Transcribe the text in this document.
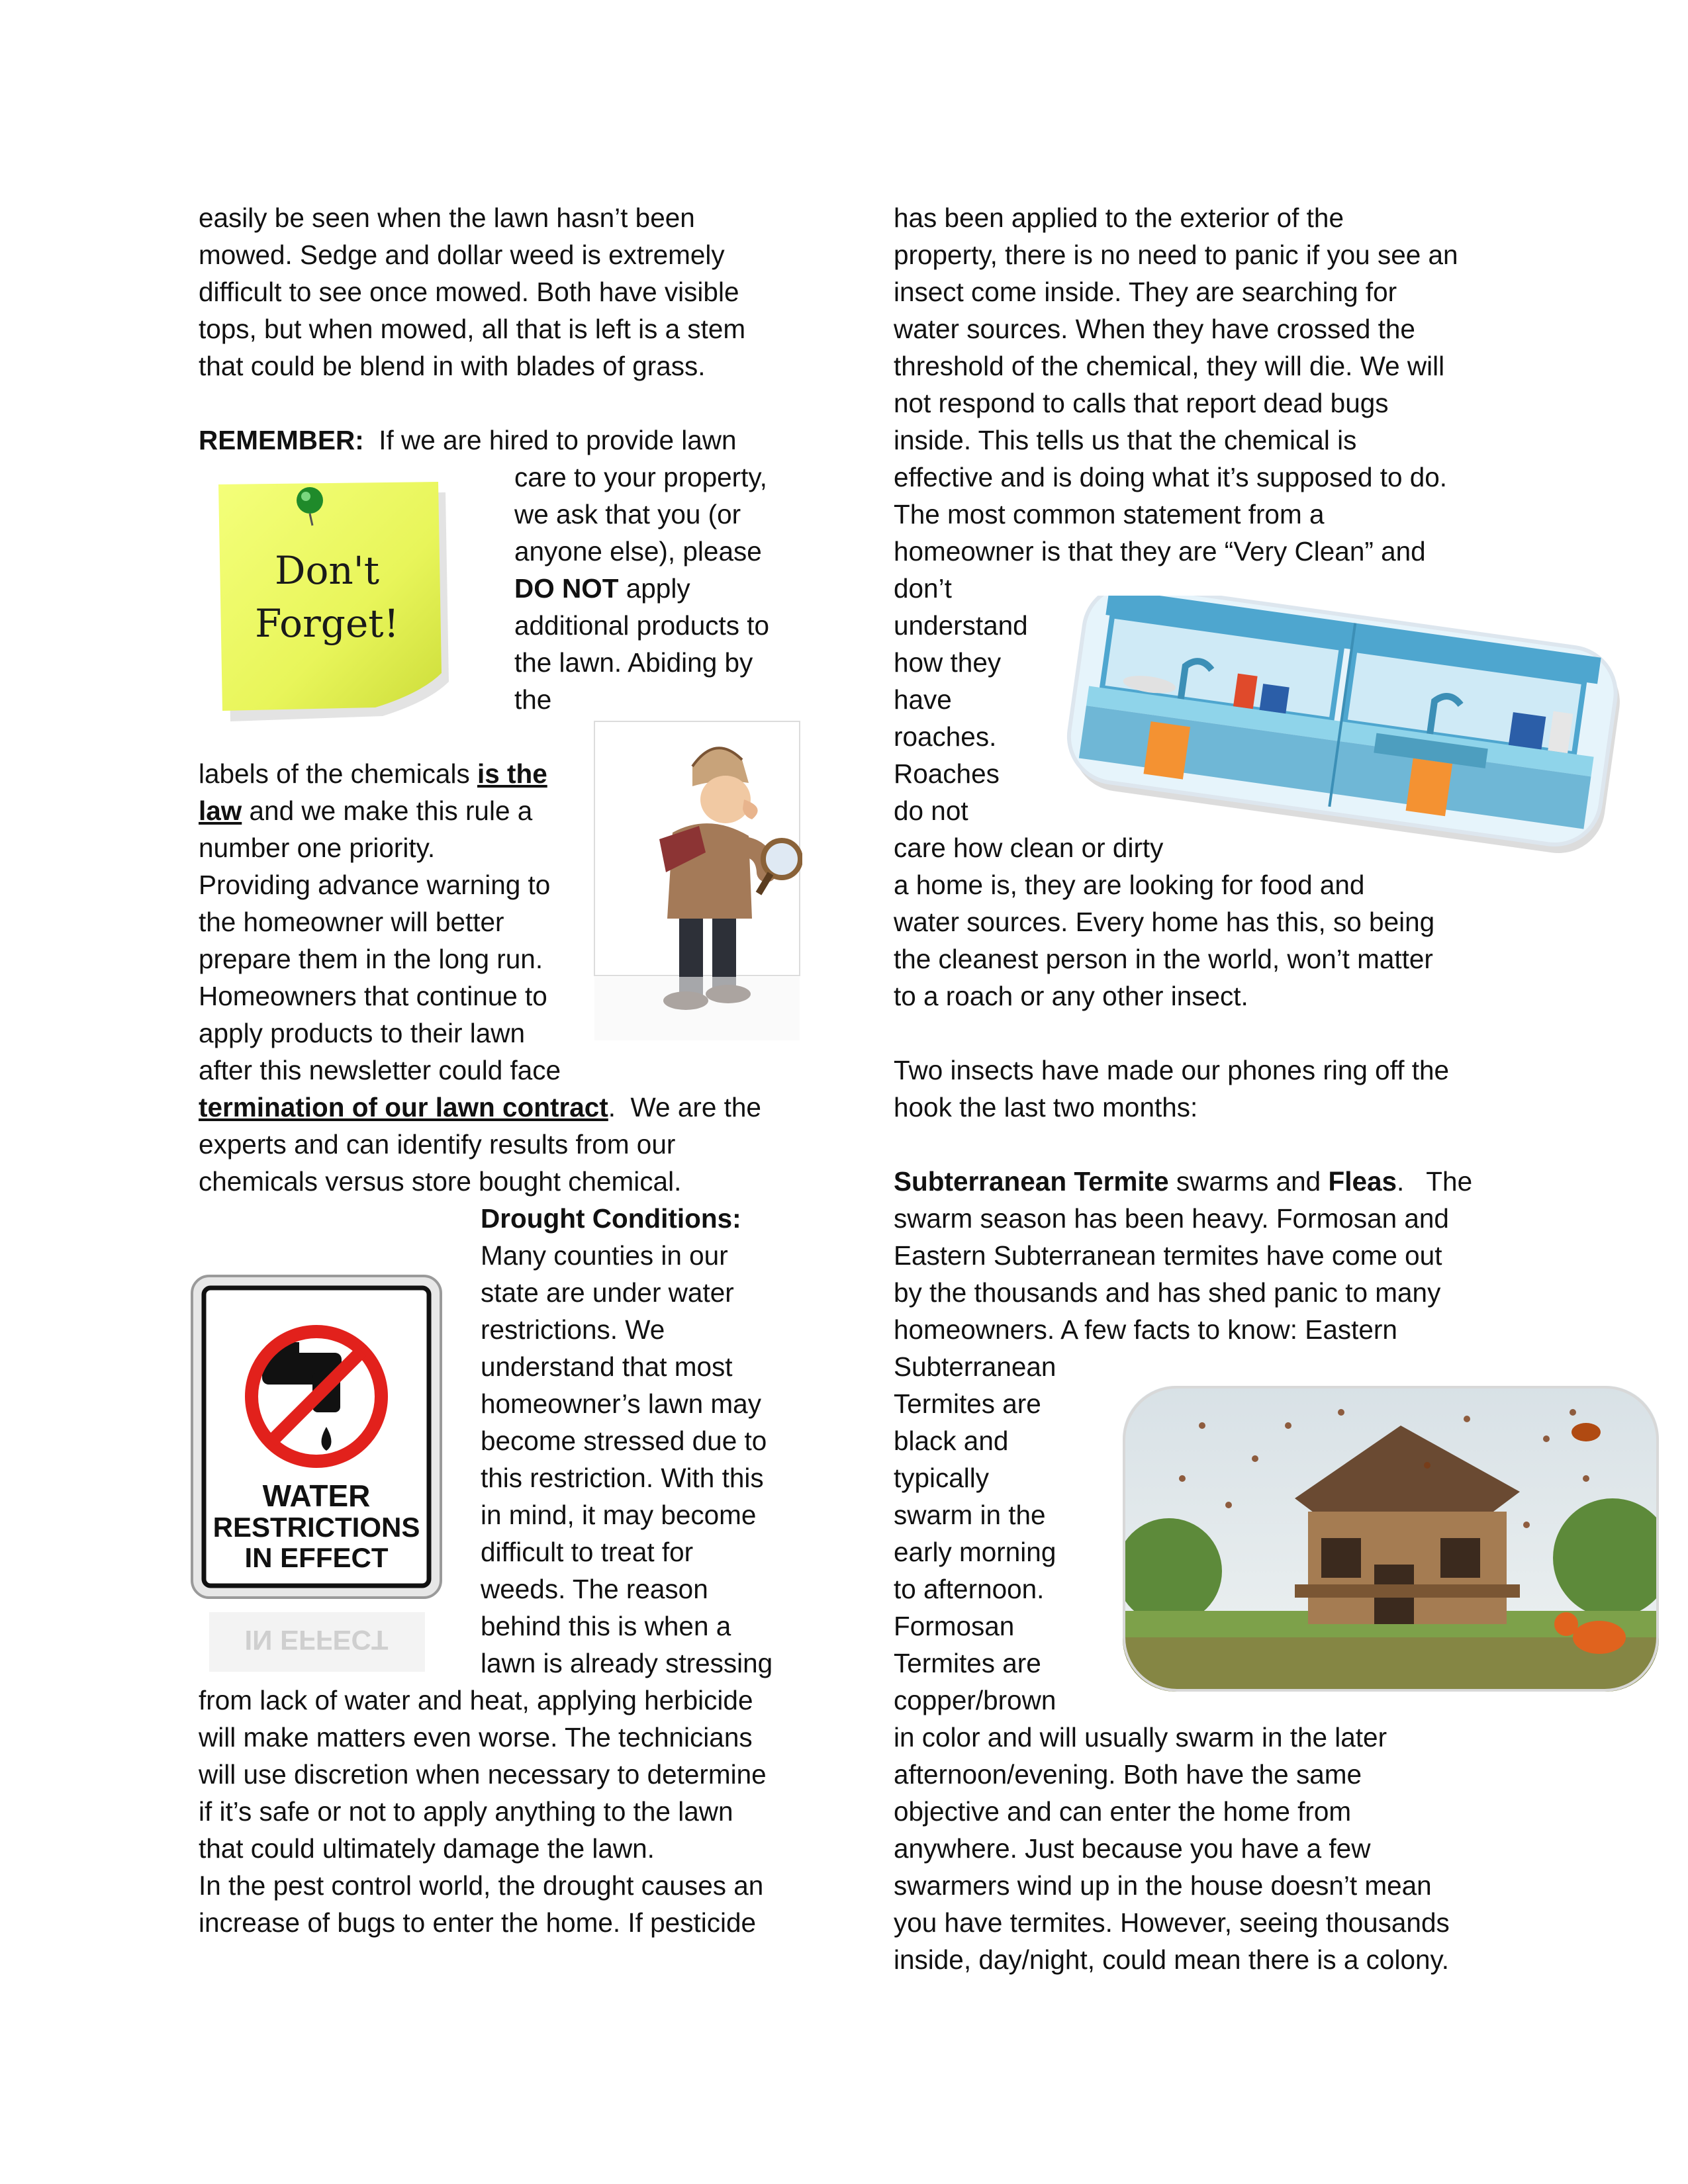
easily be seen when the lawn hasn’t been
mowed. Sedge and dollar weed is extremely
difficult to see once mowed. Both have visible
tops, but when mowed, all that is left is a stem
that could be blend in with blades of grass.
REMEMBER:  If we are hired to provide lawn
care to your property,
we ask that you (or
anyone else), please
DO NOT apply
additional products to
the lawn. Abiding by
the
labels of the chemicals is the
law and we make this rule a
number one priority.
Providing advance warning to
the homeowner will better
prepare them in the long run.
Homeowners that continue to
apply products to their lawn
after this newsletter could face
termination of our lawn contract.  We are the
experts and can identify results from our
chemicals versus store bought chemical.
Drought Conditions:
Many counties in our
state are under water
restrictions. We
understand that most
homeowner’s lawn may
become stressed due to
this restriction. With this
in mind, it may become
difficult to treat for
weeds. The reason
behind this is when a
lawn is already stressing
from lack of water and heat, applying herbicide
will make matters even worse. The technicians
will use discretion when necessary to determine
if it’s safe or not to apply anything to the lawn
that could ultimately damage the lawn.
In the pest control world, the drought causes an
increase of bugs to enter the home. If pesticide
Don't
Forget!
WATER
RESTRICTIONS
IN EFFECT
IN EFFECT
has been applied to the exterior of the
property, there is no need to panic if you see an
insect come inside. They are searching for
water sources. When they have crossed the
threshold of the chemical, they will die. We will
not respond to calls that report dead bugs
inside. This tells us that the chemical is
effective and is doing what it’s supposed to do.
The most common statement from a
homeowner is that they are “Very Clean” and
don’t
understand
how they
have
roaches.
Roaches
do not
care how clean or dirty
a home is, they are looking for food and
water sources. Every home has this, so being
the cleanest person in the world, won’t matter
to a roach or any other insect.
Two insects have made our phones ring off the
hook the last two months:
Subterranean Termite swarms and Fleas.   The
swarm season has been heavy. Formosan and
Eastern Subterranean termites have come out
by the thousands and has shed panic to many
homeowners. A few facts to know: Eastern
Subterranean
Termites are
black and
typically
swarm in the
early morning
to afternoon.
Formosan
Termites are
copper/brown
in color and will usually swarm in the later
afternoon/evening. Both have the same
objective and can enter the home from
anywhere. Just because you have a few
swarmers wind up in the house doesn’t mean
you have termites. However, seeing thousands
inside, day/night, could mean there is a colony.
